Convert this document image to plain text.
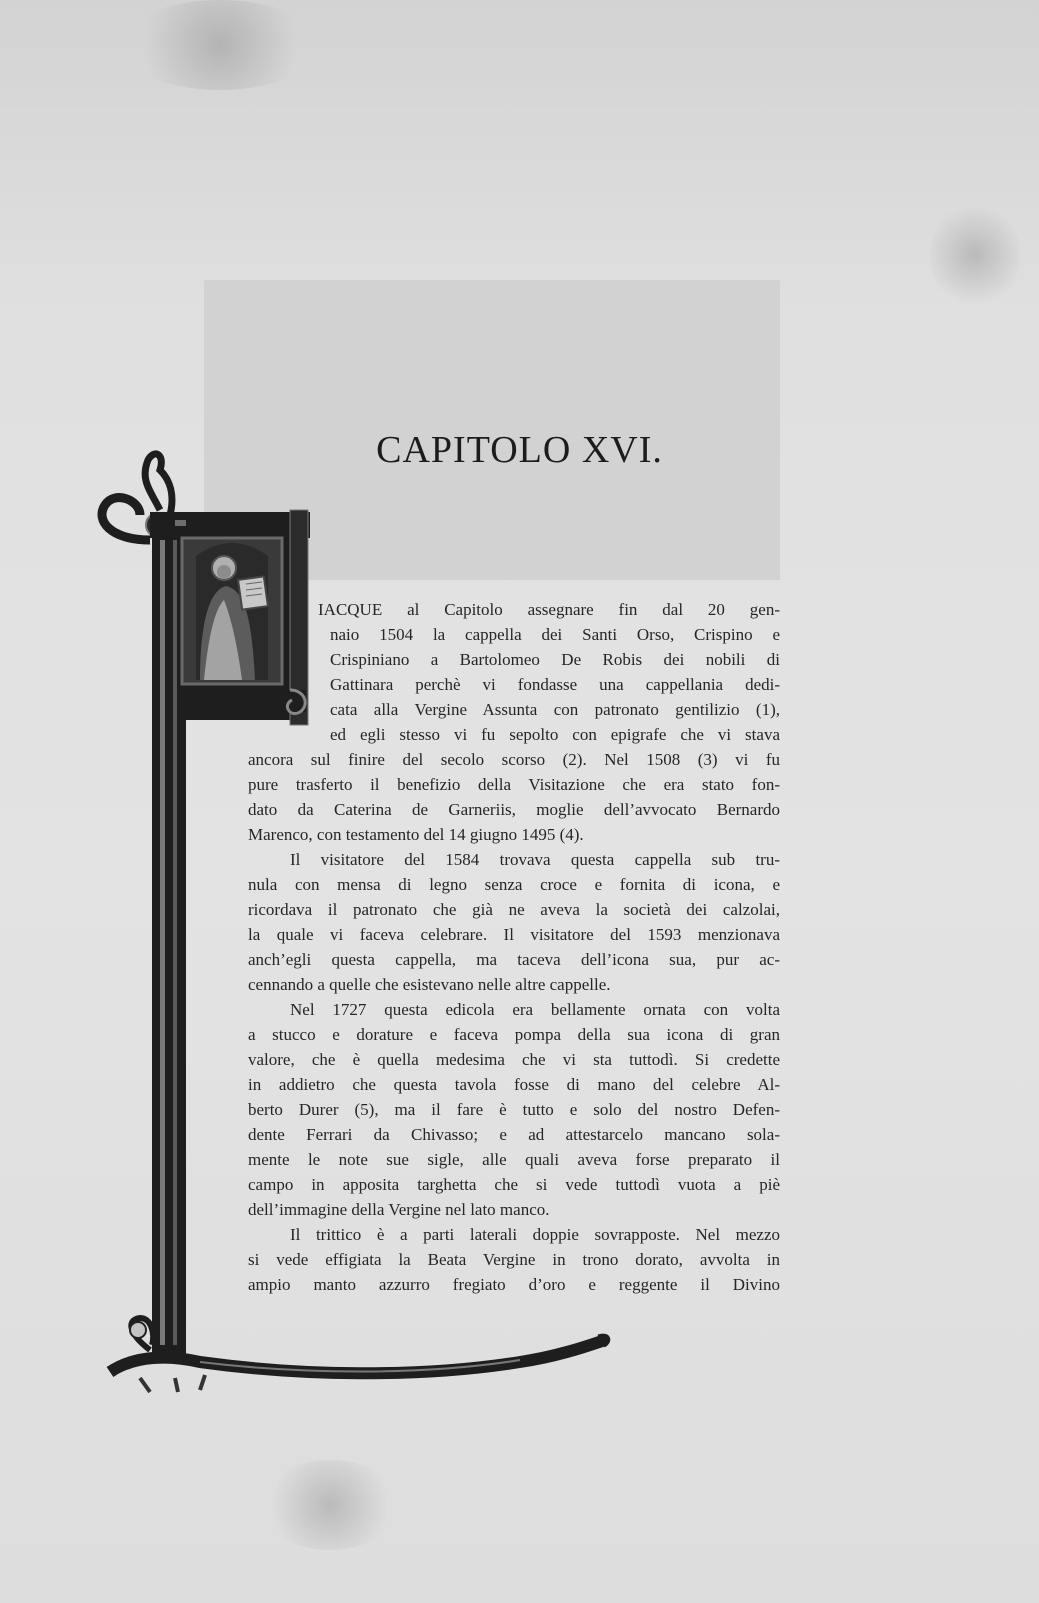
CAPITOLO XVI.
IACQUE al Capitolo assegnare fin dal 20 gen-
naio 1504 la cappella dei Santi Orso, Crispino e
Crispiniano a Bartolomeo De Robis dei nobili di
Gattinara perchè vi fondasse una cappellania dedi-
cata alla Vergine Assunta con patronato gentilizio (1),
ed egli stesso vi fu sepolto con epigrafe che vi stava
ancora sul finire del secolo scorso (2). Nel 1508 (3) vi fu
pure trasferto il benefizio della Visitazione che era stato fon-
dato da Caterina de Garneriis, moglie dell’avvocato Bernardo
Marenco, con testamento del 14 giugno 1495 (4).
Il visitatore del 1584 trovava questa cappella sub tru-
nula con mensa di legno senza croce e fornita di icona, e
ricordava il patronato che già ne aveva la società dei calzolai,
la quale vi faceva celebrare. Il visitatore del 1593 menzionava
anch’egli questa cappella, ma taceva dell’icona sua, pur ac-
cennando a quelle che esistevano nelle altre cappelle.
Nel 1727 questa edicola era bellamente ornata con volta
a stucco e dorature e faceva pompa della sua icona di gran
valore, che è quella medesima che vi sta tuttodì. Si credette
in addietro che questa tavola fosse di mano del celebre Al-
berto Durer (5), ma il fare è tutto e solo del nostro Defen-
dente Ferrari da Chivasso; e ad attestarcelo mancano sola-
mente le note sue sigle, alle quali aveva forse preparato il
campo in apposita targhetta che si vede tuttodì vuota a piè
dell’immagine della Vergine nel lato manco.
Il trittico è a parti laterali doppie sovrapposte. Nel mezzo
si vede effigiata la Beata Vergine in trono dorato, avvolta in
ampio manto azzurro fregiato d’oro e reggente il Divino
